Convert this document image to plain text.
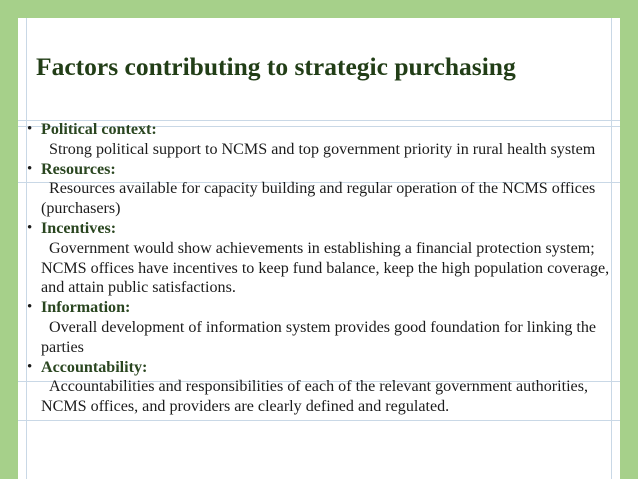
Factors contributing to strategic purchasing
• Political context:
Strong political support to NCMS and top government priority in rural health system
• Resources:
Resources available for capacity building and regular operation of the NCMS offices (purchasers)
• Incentives:
Government would show achievements in establishing a financial protection system; NCMS offices have incentives to keep fund balance, keep the high population coverage, and attain public satisfactions.
• Information:
Overall development of information system provides good foundation for linking the parties
• Accountability:
Accountabilities and responsibilities of each of the relevant government authorities, NCMS offices, and providers are clearly defined and regulated.
